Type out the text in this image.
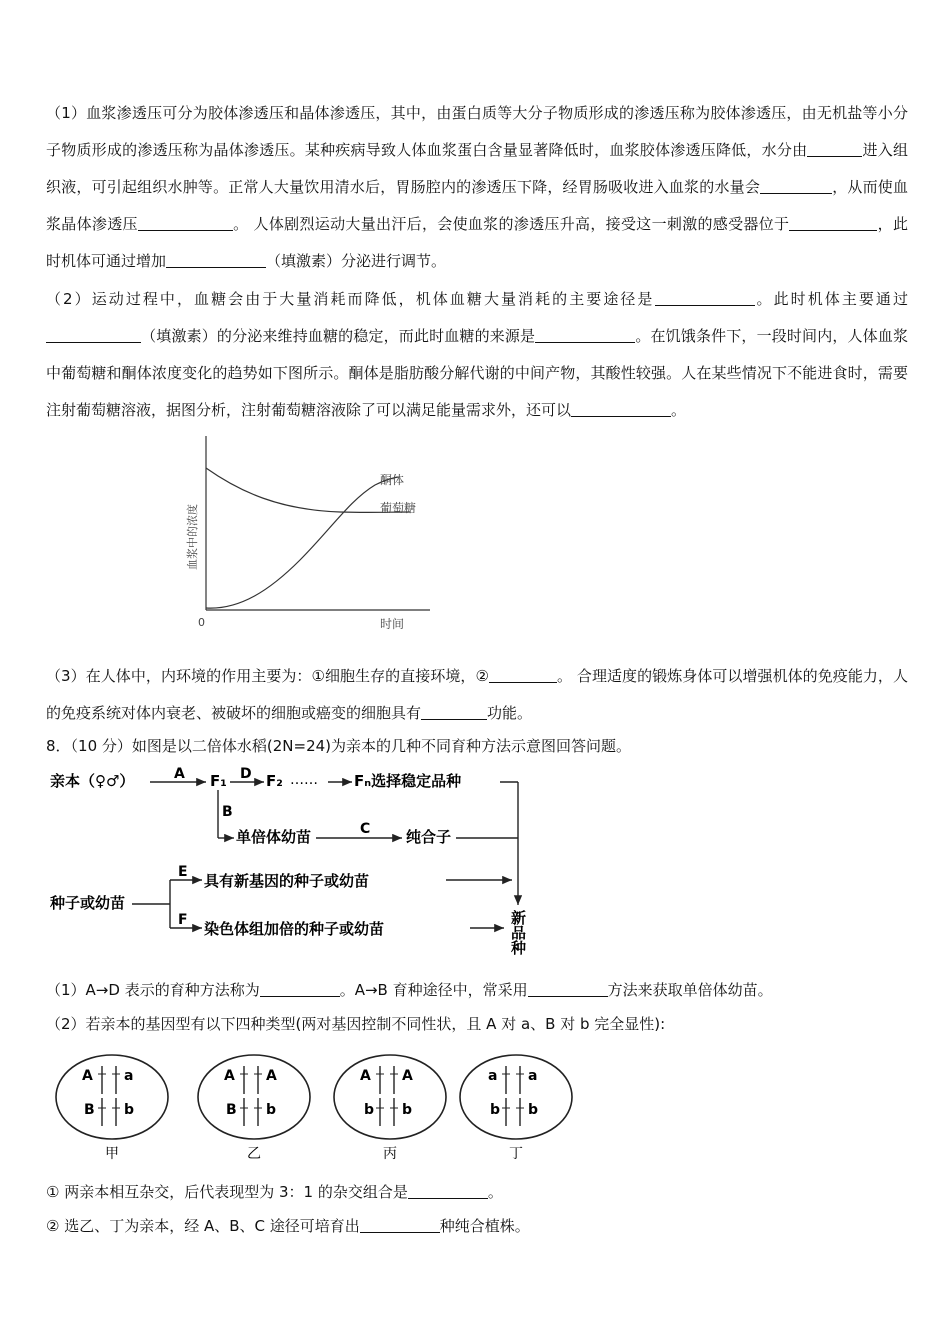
（1）血浆渗透压可分为胶体渗透压和晶体渗透压，其中，由蛋白质等大分子物质形成的渗透压称为胶体渗透压，由无机盐等小分子物质形成的渗透压称为晶体渗透压。某种疾病导致人体血浆蛋白含量显著降低时，血浆胶体渗透压降低，水分由	进入组织液，可引起组织水肿等。正常人大量饮用清水后，胃肠腔内的渗透压下降，经胃肠吸收进入血浆的水量会	，从而使血浆晶体渗透压	。 人体剧烈运动大量出汗后，会使血浆的渗透压升高，接受这一刺激的感受器位于	，此时机体可通过增加	（填激素）分泌进行调节。
（2）运动过程中，血糖会由于大量消耗而降低，机体血糖大量消耗的主要途径是	。此时机体主要通过（填激素）的分泌来维持血糖的稳定，而此时血糖的来源是	。在饥饿条件下，一段时间内，人体血浆中葡萄糖和酮体浓度变化的趋势如下图所示。酮体是脂肪酸分解代谢的中间产物，其酸性较强。人在某些情况下不能进食时，需要注射葡萄糖溶液，据图分析，注射葡萄糖溶液除了可以满足能量需求外，还可以	。
酮体
葡萄糖
0	时间
血浆中的浓度
（3）在人体中，内环境的作用主要为：①细胞生存的直接环境，②	。 合理适度的锻炼身体可以增强机体的免疫能力，人的免疫系统对体内衰老、被破坏的细胞或癌变的细胞具有	功能。
8．（10 分）如图是以二倍体水稻(2N=24)为亲本的几种不同育种方法示意图回答问题。
亲本（♀♂）	A F₁ D F₂ …… Fₙ选择稳定品种
B
单倍体幼苗	C 纯合子
种子或幼苗
E 具有新基因的种子或幼苗
F 染色体组加倍的种子或幼苗	新品种
（1）A→D 表示的育种方法称为	。A→B 育种途径中，常采用	方法来获取单倍体幼苗。
（2）若亲本的基因型有以下四种类型(两对基因控制不同性状，且 A 对 a、B 对 b 完全显性):
A a
B b
甲
A A
B b
乙
A A
b b
丙
a a
b b
丁
① 两亲本相互杂交，后代表现型为 3：1 的杂交组合是	。
② 选乙、丁为亲本，经 A、B、C 途径可培育出	种纯合植株。
